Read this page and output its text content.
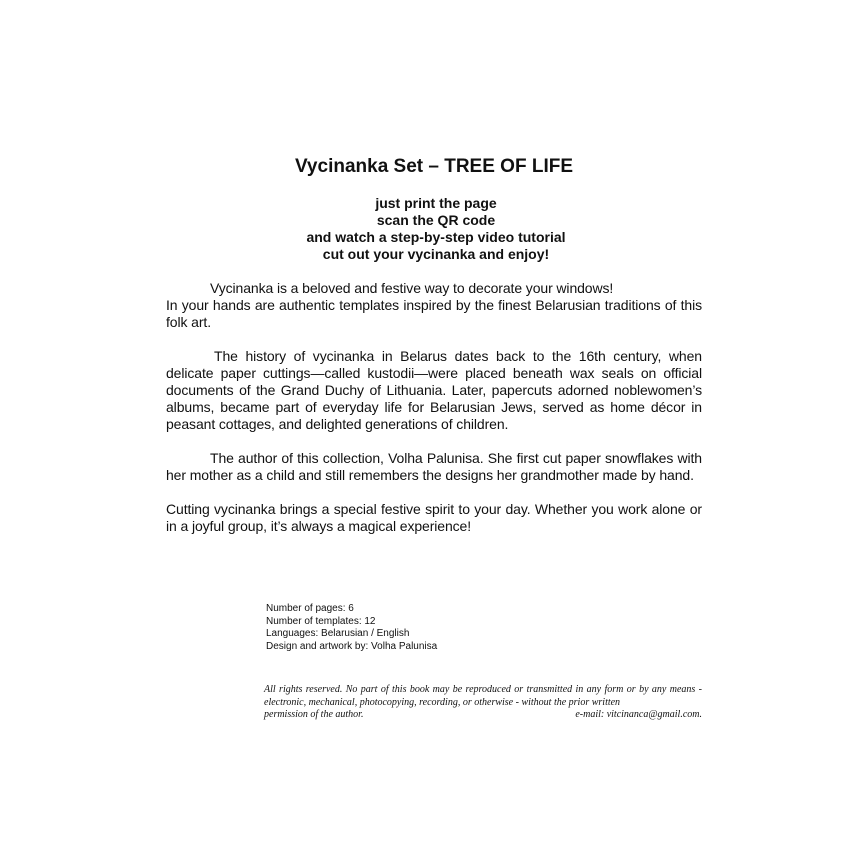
Vycinanka Set – TREE OF LIFE
just print the page
scan the QR code
and watch a step-by-step video tutorial
cut out your vycinanka and enjoy!

Vycinanka is a beloved and festive way to decorate your windows!
In your hands are authentic templates inspired by the finest Belarusian traditions of this folk art.

The history of vycinanka in Belarus dates back to the 16th century, when delicate paper cuttings—called kustodii—were placed beneath wax seals on official documents of the Grand Duchy of Lithuania. Later, papercuts adorned noblewomen’s albums, became part of everyday life for Belarusian Jews, served as home décor in peasant cottages, and delighted generations of children.

The author of this collection, Volha Palunisa. She first cut paper snowflakes with her mother as a child and still remembers the designs her grandmother made by hand.

Cutting vycinanka brings a special festive spirit to your day. Whether you work alone or in a joyful group, it’s always a magical experience!

Number of pages: 6
Number of templates: 12
Languages: Belarusian / English
Design and artwork by: Volha Palunisa
All rights reserved. No part of this book may be reproduced or transmitted in any form or by any means - electronic, mechanical, photocopying, recording, or otherwise - without the prior written
permission of the author.	e-mail: vitcinanca@gmail.com.
